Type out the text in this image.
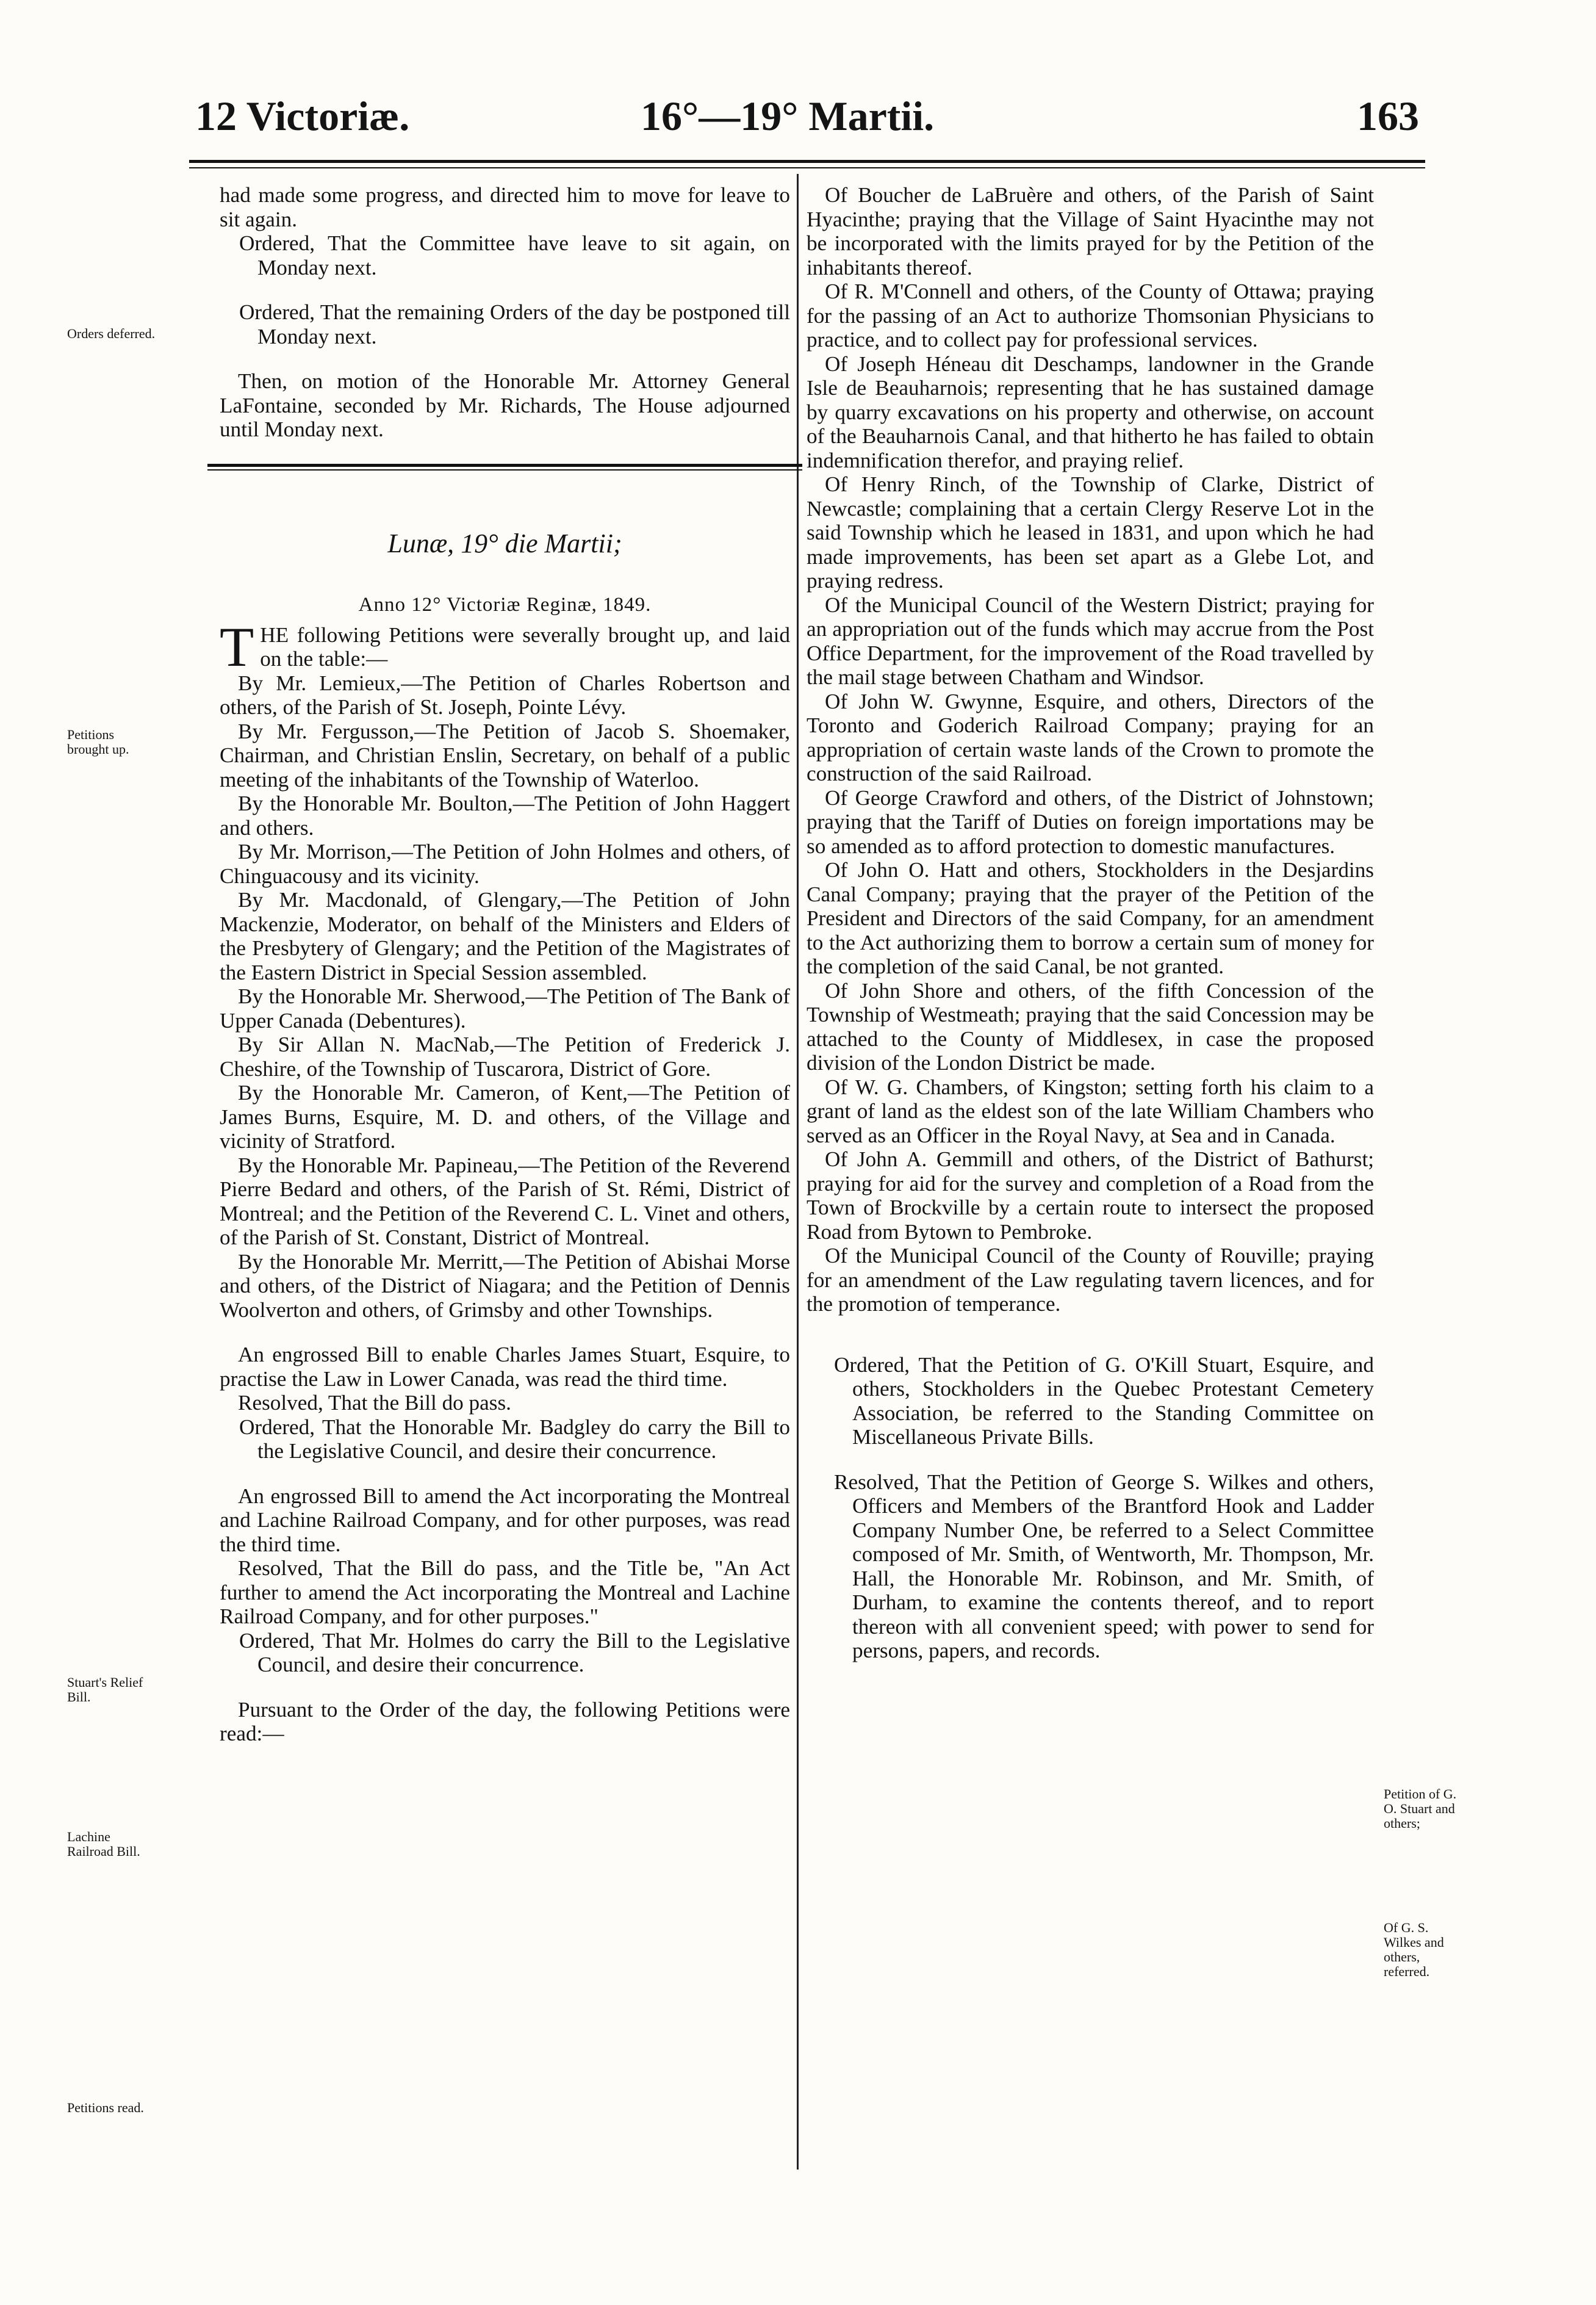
12 Victoriæ.	16°—19° Martii.	163
Orders deferred.
Petitions brought up.
Stuart's Relief Bill.
Lachine Railroad Bill.
Petitions read.
Petition of G. O. Stuart and others;
Of G. S. Wilkes and others, referred.

had made some progress, and directed him to move for leave to sit again.

Ordered, That the Committee have leave to sit again, on Monday next.

Ordered, That the remaining Orders of the day be postponed till Monday next.

Then, on motion of the Honorable Mr. Attorney General LaFontaine, seconded by Mr. Richards, The House adjourned until Monday next.

Lunæ, 19° die Martii;
Anno 12° Victoriæ Reginæ, 1849.

THE following Petitions were severally brought up, and laid on the table:—

By Mr. Lemieux,—The Petition of Charles Robertson and others, of the Parish of St. Joseph, Pointe Lévy.

By Mr. Fergusson,—The Petition of Jacob S. Shoemaker, Chairman, and Christian Enslin, Secretary, on behalf of a public meeting of the inhabitants of the Township of Waterloo.

By the Honorable Mr. Boulton,—The Petition of John Haggert and others.

By Mr. Morrison,—The Petition of John Holmes and others, of Chinguacousy and its vicinity.

By Mr. Macdonald, of Glengary,—The Petition of John Mackenzie, Moderator, on behalf of the Ministers and Elders of the Presbytery of Glengary; and the Petition of the Magistrates of the Eastern District in Special Session assembled.

By the Honorable Mr. Sherwood,—The Petition of The Bank of Upper Canada (Debentures).

By Sir Allan N. MacNab,—The Petition of Frederick J. Cheshire, of the Township of Tuscarora, District of Gore.

By the Honorable Mr. Cameron, of Kent,—The Petition of James Burns, Esquire, M. D. and others, of the Village and vicinity of Stratford.

By the Honorable Mr. Papineau,—The Petition of the Reverend Pierre Bedard and others, of the Parish of St. Rémi, District of Montreal; and the Petition of the Reverend C. L. Vinet and others, of the Parish of St. Constant, District of Montreal.

By the Honorable Mr. Merritt,—The Petition of Abishai Morse and others, of the District of Niagara; and the Petition of Dennis Woolverton and others, of Grimsby and other Townships.

An engrossed Bill to enable Charles James Stuart, Esquire, to practise the Law in Lower Canada, was read the third time.

Resolved, That the Bill do pass.

Ordered, That the Honorable Mr. Badgley do carry the Bill to the Legislative Council, and desire their concurrence.

An engrossed Bill to amend the Act incorporating the Montreal and Lachine Railroad Company, and for other purposes, was read the third time.

Resolved, That the Bill do pass, and the Title be, "An Act further to amend the Act incorporating the Montreal and Lachine Railroad Company, and for other purposes."

Ordered, That Mr. Holmes do carry the Bill to the Legislative Council, and desire their concurrence.

Pursuant to the Order of the day, the following Petitions were read:—

Of Boucher de LaBruère and others, of the Parish of Saint Hyacinthe; praying that the Village of Saint Hyacinthe may not be incorporated with the limits prayed for by the Petition of the inhabitants thereof.

Of R. M'Connell and others, of the County of Ottawa; praying for the passing of an Act to authorize Thomsonian Physicians to practice, and to collect pay for professional services.

Of Joseph Héneau dit Deschamps, landowner in the Grande Isle de Beauharnois; representing that he has sustained damage by quarry excavations on his property and otherwise, on account of the Beauharnois Canal, and that hitherto he has failed to obtain indemnification therefor, and praying relief.

Of Henry Rinch, of the Township of Clarke, District of Newcastle; complaining that a certain Clergy Reserve Lot in the said Township which he leased in 1831, and upon which he had made improvements, has been set apart as a Glebe Lot, and praying redress.

Of the Municipal Council of the Western District; praying for an appropriation out of the funds which may accrue from the Post Office Department, for the improvement of the Road travelled by the mail stage between Chatham and Windsor.

Of John W. Gwynne, Esquire, and others, Directors of the Toronto and Goderich Railroad Company; praying for an appropriation of certain waste lands of the Crown to promote the construction of the said Railroad.

Of George Crawford and others, of the District of Johnstown; praying that the Tariff of Duties on foreign importations may be so amended as to afford protection to domestic manufactures.

Of John O. Hatt and others, Stockholders in the Desjardins Canal Company; praying that the prayer of the Petition of the President and Directors of the said Company, for an amendment to the Act authorizing them to borrow a certain sum of money for the completion of the said Canal, be not granted.

Of John Shore and others, of the fifth Concession of the Township of Westmeath; praying that the said Concession may be attached to the County of Middlesex, in case the proposed division of the London District be made.

Of W. G. Chambers, of Kingston; setting forth his claim to a grant of land as the eldest son of the late William Chambers who served as an Officer in the Royal Navy, at Sea and in Canada.

Of John A. Gemmill and others, of the District of Bathurst; praying for aid for the survey and completion of a Road from the Town of Brockville by a certain route to intersect the proposed Road from Bytown to Pembroke.

Of the Municipal Council of the County of Rouville; praying for an amendment of the Law regulating tavern licences, and for the promotion of temperance.

Ordered, That the Petition of G. O'Kill Stuart, Esquire, and others, Stockholders in the Quebec Protestant Cemetery Association, be referred to the Standing Committee on Miscellaneous Private Bills.

Resolved, That the Petition of George S. Wilkes and others, Officers and Members of the Brantford Hook and Ladder Company Number One, be referred to a Select Committee composed of Mr. Smith, of Wentworth, Mr. Thompson, Mr. Hall, the Honorable Mr. Robinson, and Mr. Smith, of Durham, to examine the contents thereof, and to report thereon with all convenient speed; with power to send for persons, papers, and records.
